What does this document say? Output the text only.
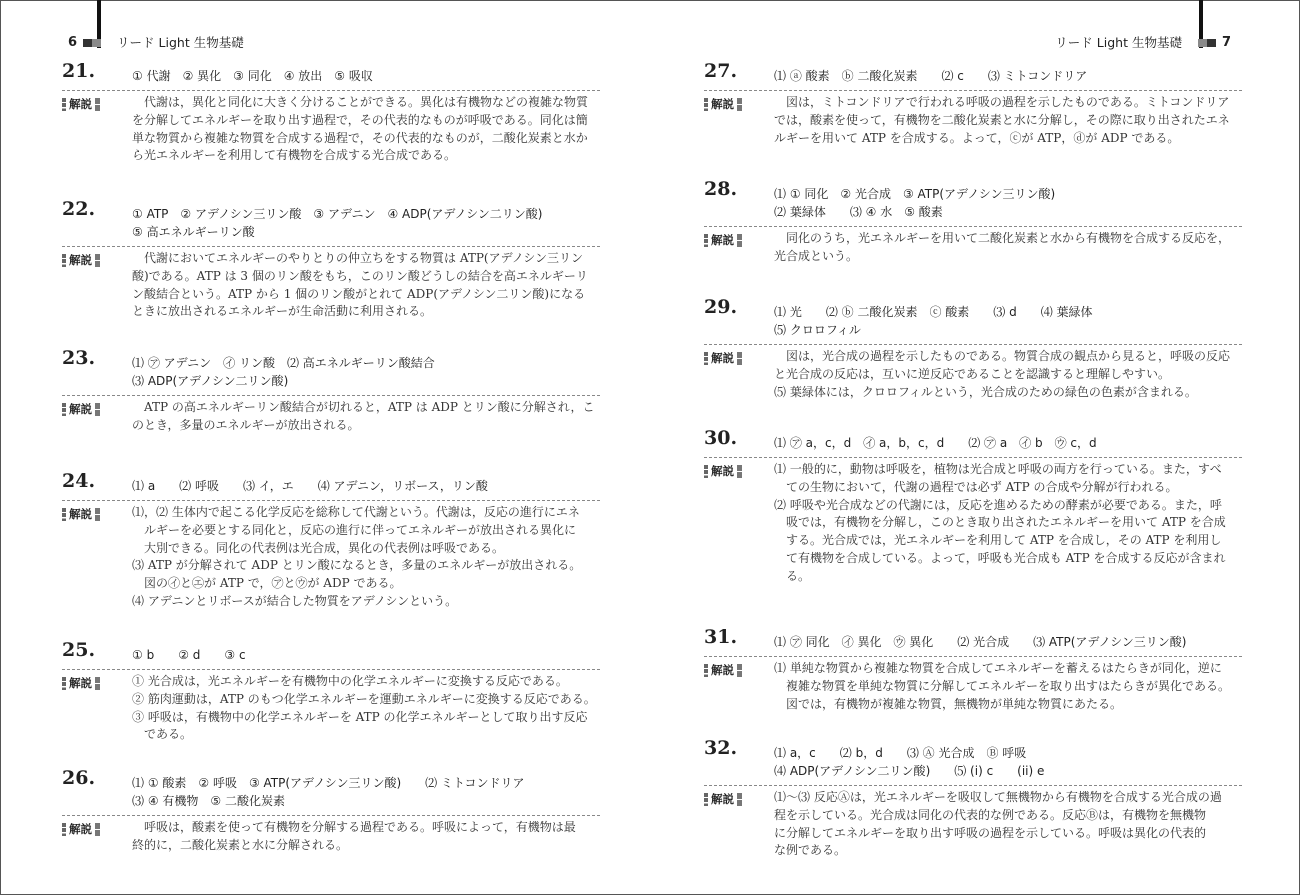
6	リード Light 生物基礎	リード Light 生物基礎	7
21.	① 代謝　② 異化　③ 同化　④ 放出　⑤ 吸収
解説	　代謝は，異化と同化に大きく分けることができる。異化は有機物などの複雑な物質
を分解してエネルギーを取り出す過程で，その代表的なものが呼吸である。同化は簡
単な物質から複雑な物質を合成する過程で，その代表的なものが，二酸化炭素と水か
ら光エネルギーを利用して有機物を合成する光合成である。
22.	① ATP　② アデノシン三リン酸　③ アデニン　④ ADP(アデノシン二リン酸)
⑤ 高エネルギーリン酸
解説	　代謝においてエネルギーのやりとりの仲立ちをする物質は ATP(アデノシン三リン
酸)である。ATP は 3 個のリン酸をもち，このリン酸どうしの結合を高エネルギーリ
ン酸結合という。ATP から 1 個のリン酸がとれて ADP(アデノシン二リン酸)になる
ときに放出されるエネルギーが生命活動に利用される。
23.	⑴ ㋐ アデニン　㋑ リン酸　⑵ 高エネルギーリン酸結合
⑶ ADP(アデノシン二リン酸)
解説	　ATP の高エネルギーリン酸結合が切れると，ATP は ADP とリン酸に分解され，こ
のとき，多量のエネルギーが放出される。
24.	⑴ a　　⑵ 呼吸　　⑶ イ，エ　　⑷ アデニン，リボース，リン酸
解説	⑴，⑵ 生体内で起こる化学反応を総称して代謝という。代謝は，反応の進行にエネ
　ルギーを必要とする同化と，反応の進行に伴ってエネルギーが放出される異化に
　大別できる。同化の代表例は光合成，異化の代表例は呼吸である。
⑶ ATP が分解されて ADP とリン酸になるとき，多量のエネルギーが放出される。
　図の㋑と㋓が ATP で，㋐と㋒が ADP である。
⑷ アデニンとリボースが結合した物質をアデノシンという。
25.	① b　　② d　　③ c
解説	① 光合成は，光エネルギーを有機物中の化学エネルギーに変換する反応である。
② 筋肉運動は，ATP のもつ化学エネルギーを運動エネルギーに変換する反応である。
③ 呼吸は，有機物中の化学エネルギーを ATP の化学エネルギーとして取り出す反応
　である。
26.	⑴ ① 酸素　② 呼吸　③ ATP(アデノシン三リン酸)　　⑵ ミトコンドリア
⑶ ④ 有機物　⑤ 二酸化炭素
解説	　呼吸は，酸素を使って有機物を分解する過程である。呼吸によって，有機物は最
終的に，二酸化炭素と水に分解される。
27.	⑴ ⓐ 酸素　ⓑ 二酸化炭素　　⑵ c　　⑶ ミトコンドリア
解説	　図は，ミトコンドリアで行われる呼吸の過程を示したものである。ミトコンドリア
では，酸素を使って，有機物を二酸化炭素と水に分解し，その際に取り出されたエネ
ルギーを用いて ATP を合成する。よって，ⓒが ATP，ⓓが ADP である。
28.	⑴ ① 同化　② 光合成　③ ATP(アデノシン三リン酸)
⑵ 葉緑体　　⑶ ④ 水　⑤ 酸素
解説	　同化のうち，光エネルギーを用いて二酸化炭素と水から有機物を合成する反応を，
光合成という。
29.	⑴ 光　　⑵ ⓑ 二酸化炭素　ⓒ 酸素　　⑶ d　　⑷ 葉緑体
⑸ クロロフィル
解説	　図は，光合成の過程を示したものである。物質合成の観点から見ると，呼吸の反応
と光合成の反応は，互いに逆反応であることを認識すると理解しやすい。
⑸ 葉緑体には，クロロフィルという，光合成のための緑色の色素が含まれる。
30.	⑴ ㋐ a，c，d　㋑ a，b，c，d　　⑵ ㋐ a　㋑ b　㋒ c，d
解説	⑴ 一般的に，動物は呼吸を，植物は光合成と呼吸の両方を行っている。また，すべ
　ての生物において，代謝の過程では必ず ATP の合成や分解が行われる。
⑵ 呼吸や光合成などの代謝には，反応を進めるための酵素が必要である。また，呼
　吸では，有機物を分解し，このとき取り出されたエネルギーを用いて ATP を合成
　する。光合成では，光エネルギーを利用して ATP を合成し，その ATP を利用し
　て有機物を合成している。よって，呼吸も光合成も ATP を合成する反応が含まれ
　る。
31.	⑴ ㋐ 同化　㋑ 異化　㋒ 異化　　⑵ 光合成　　⑶ ATP(アデノシン三リン酸)
解説	⑴ 単純な物質から複雑な物質を合成してエネルギーを蓄えるはたらきが同化，逆に
　複雑な物質を単純な物質に分解してエネルギーを取り出すはたらきが異化である。
　図では，有機物が複雑な物質，無機物が単純な物質にあたる。
32.	⑴ a，c　　⑵ b，d　　⑶ Ⓐ 光合成　Ⓑ 呼吸
⑷ ADP(アデノシン二リン酸)　　⑸ (i) c　　(ii) e
解説	⑴～⑶ 反応Ⓐは，光エネルギーを吸収して無機物から有機物を合成する光合成の過
程を示している。光合成は同化の代表的な例である。反応Ⓑは，有機物を無機物
に分解してエネルギーを取り出す呼吸の過程を示している。呼吸は異化の代表的
な例である。
